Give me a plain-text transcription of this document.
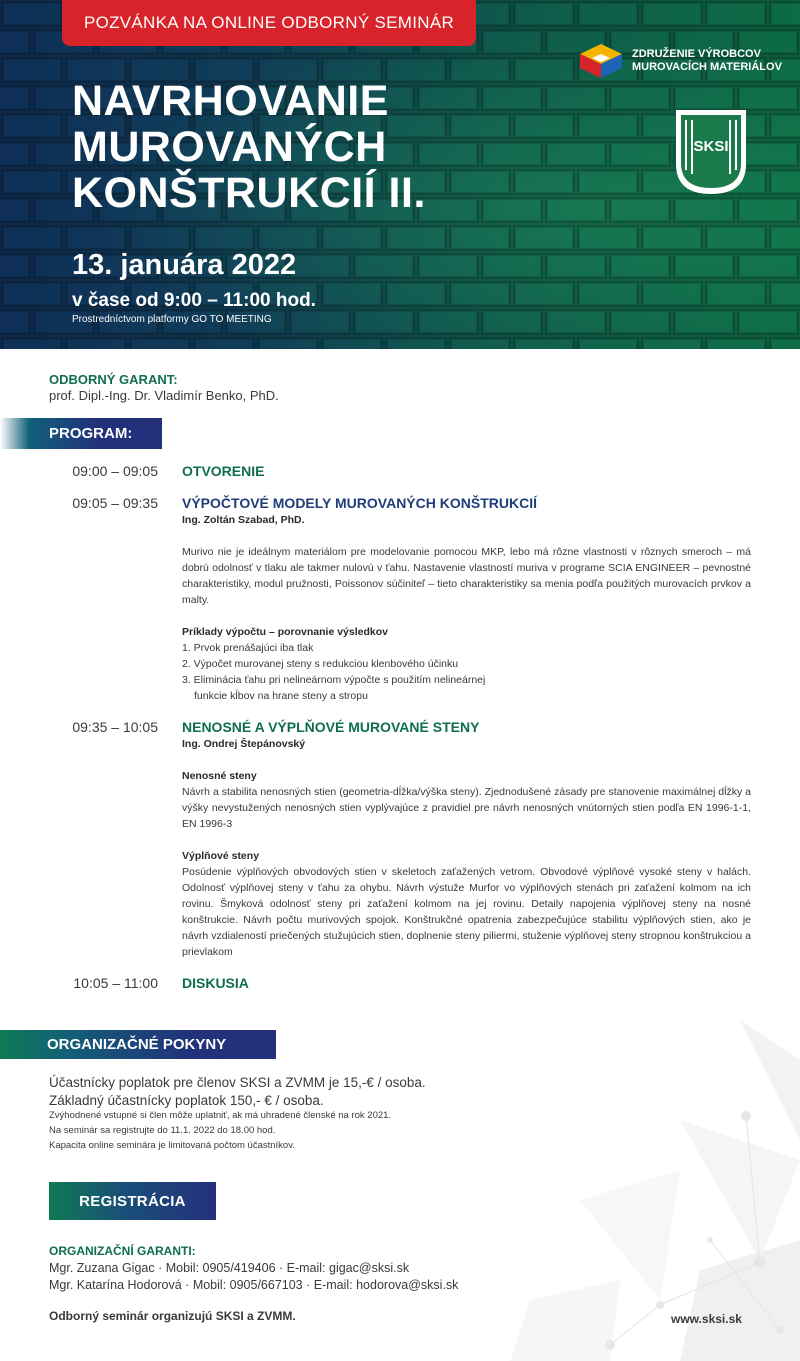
POZVÁNKA NA ONLINE ODBORNÝ SEMINÁR
NAVRHOVANIE
MUROVANÝCH
KONŠTRUKCIÍ II.
13. januára 2022
v čase od 9:00 – 11:00 hod.
Prostredníctvom platformy GO TO MEETING
ZDRUŽENIE VÝROBCOV
MUROVACÍCH MATERIÁLOV
SKSI
ODBORNÝ GARANT:
prof. Dipl.-Ing. Dr. Vladimír Benko, PhD.
PROGRAM:
09:00 – 09:05 OTVORENIE
09:05 – 09:35 VÝPOČTOVÉ MODELY MUROVANÝCH KONŠTRUKCIÍ
Ing. Zoltán Szabad, PhD.
Murivo nie je ideálnym materiálom pre modelovanie pomocou MKP, lebo má rôzne vlastnosti v rôznych smeroch – má dobrú odolnosť v tlaku ale takmer nulovú v ťahu. Nastavenie vlastností muriva v programe SCIA ENGINEER – pevnostné charakteristiky, modul pružnosti, Poissonov súčiniteľ – tieto charakteristiky sa menia podľa použitých murovacích prvkov a malty.
Príklady výpočtu – porovnanie výsledkov
1. Prvok prenášajúci iba tlak
2. Výpočet murovanej steny s redukciou klenbového účinku
3. Eliminácia ťahu pri nelineárnom výpočte s použitím nelineárnej
funkcie kĺbov na hrane steny a stropu
09:35 – 10:05 NENOSNÉ A VÝPLŇOVÉ MUROVANÉ STENY
Ing. Ondrej Štepánovský
Nenosné steny
Návrh a stabilita nenosných stien (geometria-dĺžka/výška steny). Zjednodušené zásady pre stanovenie maximálnej dĺžky a výšky nevystužených nenosných stien vyplývajúce z pravidiel pre návrh nenosných vnútorných stien podľa EN 1996-1-1, EN 1996-3
Výplňové steny
Posúdenie výplňových obvodových stien v skeletoch zaťažených vetrom. Obvodové výplňové vysoké steny v halách. Odolnosť výplňovej steny v ťahu za ohybu. Návrh výstuže Murfor vo výplňových stenách pri zaťažení kolmom na ich rovinu. Šmyková odolnosť steny pri zaťažení kolmom na jej rovinu. Detaily napojenia výplňovej steny na nosné konštrukcie. Návrh počtu murivových spojok. Konštrukčné opatrenia zabezpečujúce stabilitu výplňových stien, ako je návrh vzdialeností priečených stužujúcich stien, doplnenie steny piliermi, stuženie výplňovej steny stropnou konštrukciou a prievlakom
10:05 – 11:00 DISKUSIA
ORGANIZAČNÉ POKYNY
Účastnícky poplatok pre členov SKSI a ZVMM je 15,-€ / osoba.
Základný účastnícky poplatok 150,- € / osoba.
Zvýhodnené vstupné si člen môže uplatniť, ak má uhradené členské na rok 2021.
Na seminár sa registrujte do 11.1. 2022 do 18.00 hod.
Kapacita online seminára je limitovaná počtom účastníkov.
REGISTRÁCIA
ORGANIZAČNÍ GARANTI:
Mgr. Zuzana Gigac · Mobil: 0905/419406 · E-mail: gigac@sksi.sk
Mgr. Katarína Hodorová · Mobil: 0905/667103 · E-mail: hodorova@sksi.sk
Odborný seminár organizujú SKSI a ZVMM.	www.sksi.sk
